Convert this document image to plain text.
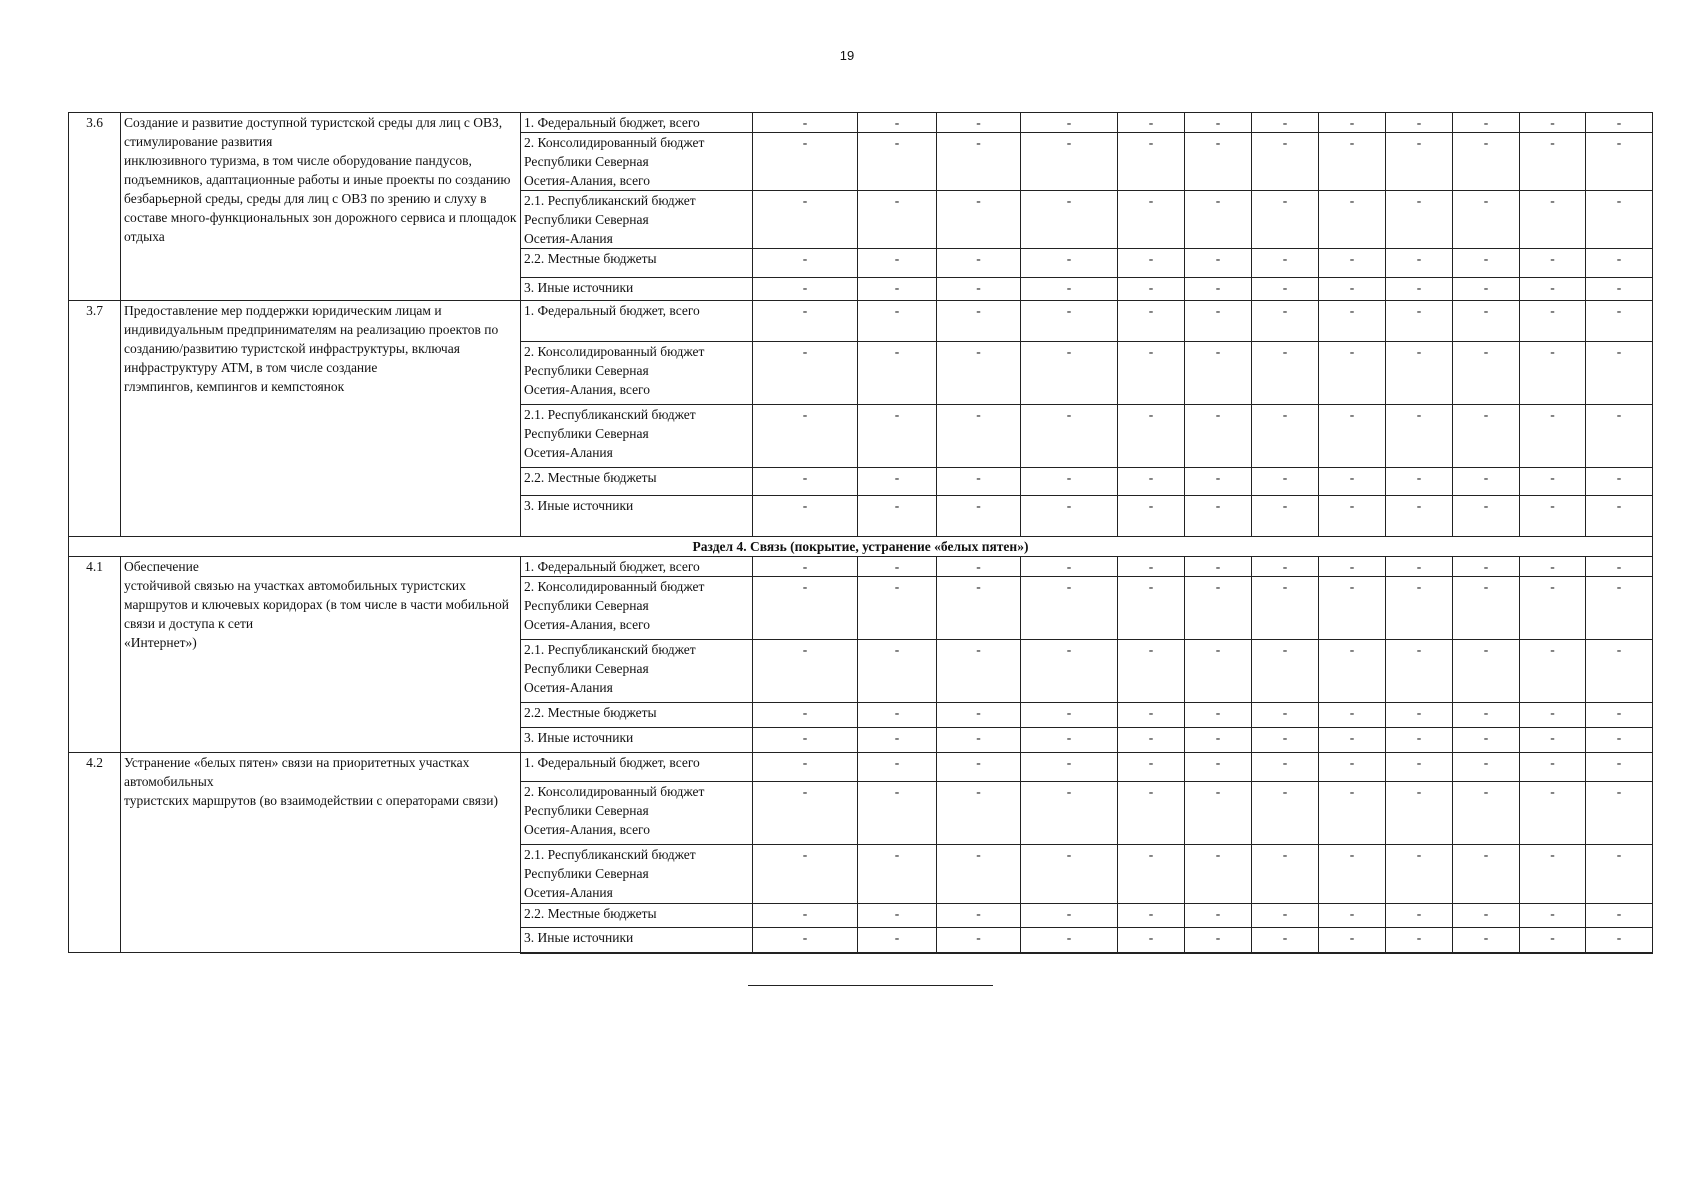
19
3.6	Создание и развитие доступной туристской среды для лиц с ОВЗ,
стимулирование развития
инклюзивного туризма, в том числе оборудование пандусов, подъемников, адаптационные работы и иные проекты по созданию безбарьерной среды, среды для лиц с ОВЗ по зрению и слуху в составе много-функциональных зон дорожного сервиса и площадок отдыха	1. Федеральный бюджет, всего	-	-	-	-	-	-	-	-	-	-	-	-
		2. Консолидированный бюджет
Республики Северная
Осетия-Алания, всего	-	-	-	-	-	-	-	-	-	-	-	-
		2.1. Республиканский бюджет
Республики Северная
Осетия-Алания	-	-	-	-	-	-	-	-	-	-	-	-
		2.2. Местные бюджеты	-	-	-	-	-	-	-	-	-	-	-	-
		3. Иные источники	-	-	-	-	-	-	-	-	-	-	-	-
3.7	Предоставление мер поддержки юридическим лицам и индивидуальным предпринимателям на реализацию проектов по созданию/развитию туристской инфраструктуры, включая инфраструктуру АТМ, в том числе создание
глэмпингов, кемпингов и кемпстоянок	1. Федеральный бюджет, всего	-	-	-	-	-	-	-	-	-	-	-	-
		2. Консолидированный бюджет
Республики Северная
Осетия-Алания, всего	-	-	-	-	-	-	-	-	-	-	-	-
		2.1. Республиканский бюджет
Республики Северная
Осетия-Алания	-	-	-	-	-	-	-	-	-	-	-	-
		2.2. Местные бюджеты	-	-	-	-	-	-	-	-	-	-	-	-
		3. Иные источники	-	-	-	-	-	-	-	-	-	-	-	-
Раздел 4. Связь (покрытие, устранение «белых пятен»)														
4.1	Обеспечение
устойчивой связью на участках автомобильных туристских маршрутов и ключевых коридорах (в том числе в части мобильной связи и доступа к сети
«Интернет»)	1. Федеральный бюджет, всего	-	-	-	-	-	-	-	-	-	-	-	-
		2. Консолидированный бюджет
Республики Северная
Осетия-Алания, всего	-	-	-	-	-	-	-	-	-	-	-	-
		2.1. Республиканский бюджет
Республики Северная
Осетия-Алания	-	-	-	-	-	-	-	-	-	-	-	-
		2.2. Местные бюджеты	-	-	-	-	-	-	-	-	-	-	-	-
		3. Иные источники	-	-	-	-	-	-	-	-	-	-	-	-
4.2	Устранение «белых пятен» связи на приоритетных участках автомобильных
туристских маршрутов (во взаимодействии с операторами связи)	1. Федеральный бюджет, всего	-	-	-	-	-	-	-	-	-	-	-	-
		2. Консолидированный бюджет
Республики Северная
Осетия-Алания, всего	-	-	-	-	-	-	-	-	-	-	-	-
		2.1. Республиканский бюджет
Республики Северная
Осетия-Алания	-	-	-	-	-	-	-	-	-	-	-	-
		2.2. Местные бюджеты	-	-	-	-	-	-	-	-	-	-	-	-
		3. Иные источники	-	-	-	-	-	-	-	-	-	-	-	-
